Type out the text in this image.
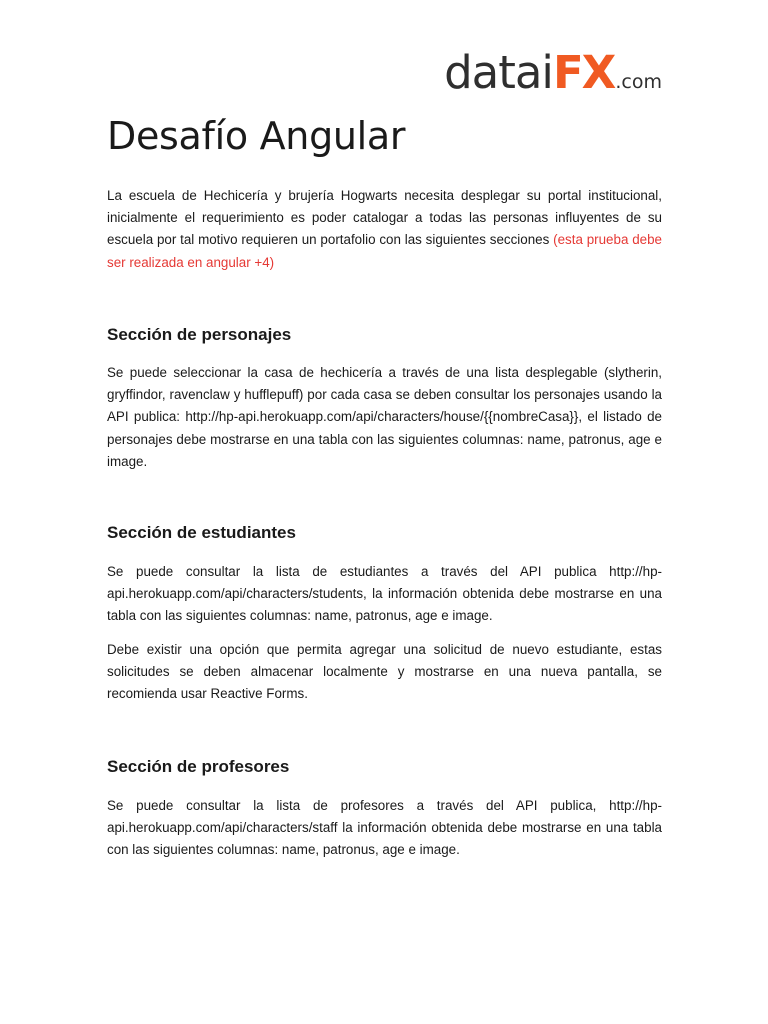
datai FX .com
Desafío Angular

La escuela de Hechicería y brujería Hogwarts necesita desplegar su portal institucional, inicialmente el requerimiento es poder catalogar a todas las personas influyentes de su escuela por tal motivo requieren un portafolio con las siguientes secciones (esta prueba debe ser realizada en angular +4)

Sección de personajes

Se puede seleccionar la casa de hechicería a través de una lista desplegable (slytherin, gryffindor, ravenclaw y hufflepuff) por cada casa se deben consultar los personajes usando la API publica: http://hp-api.herokuapp.com/api/characters/house/{{nombreCasa}}, el listado de personajes debe mostrarse en una tabla con las siguientes columnas: name, patronus, age e image.

Sección de estudiantes

Se puede consultar la lista de estudiantes a través del API publica http://hp-api.herokuapp.com/api/characters/students, la información obtenida debe mostrarse en una tabla con las siguientes columnas: name, patronus, age e image.

Debe existir una opción que permita agregar una solicitud de nuevo estudiante, estas solicitudes se deben almacenar localmente y mostrarse en una nueva pantalla, se recomienda usar Reactive Forms.

Sección de profesores

Se puede consultar la lista de profesores a través del API publica, http://hp-api.herokuapp.com/api/characters/staff la información obtenida debe mostrarse en una tabla con las siguientes columnas: name, patronus, age e image.
